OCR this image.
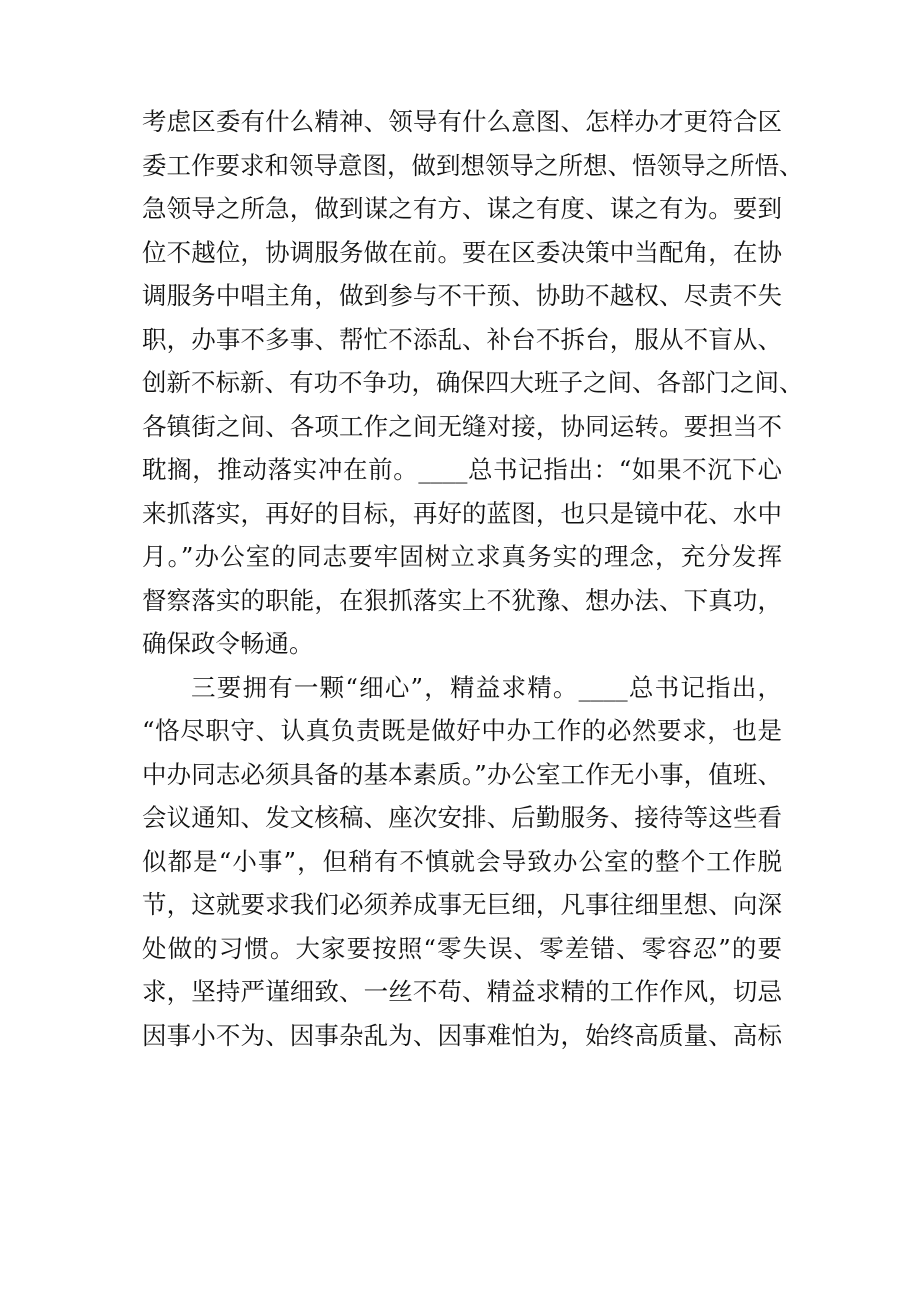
考虑区委有什么精神、领导有什么意图、怎样办才更符合区
委工作要求和领导意图，做到想领导之所想、悟领导之所悟、
急领导之所急，做到谋之有方、谋之有度、谋之有为。要到
位不越位，协调服务做在前。要在区委决策中当配角，在协
调服务中唱主角，做到参与不干预、协助不越权、尽责不失
职，办事不多事、帮忙不添乱、补台不拆台，服从不盲从、
创新不标新、有功不争功，确保四大班子之间、各部门之间、
各镇街之间、各项工作之间无缝对接，协同运转。要担当不
耽搁，推动落实冲在前。____总书记指出：“如果不沉下心
来抓落实，再好的目标，再好的蓝图，也只是镜中花、水中
月。”办公室的同志要牢固树立求真务实的理念，充分发挥
督察落实的职能，在狠抓落实上不犹豫、想办法、下真功，
确保政令畅通。
三要拥有一颗“细心”，精益求精。____总书记指出，
“恪尽职守、认真负责既是做好中办工作的必然要求，也是
中办同志必须具备的基本素质。”办公室工作无小事，值班、
会议通知、发文核稿、座次安排、后勤服务、接待等这些看
似都是“小事”，但稍有不慎就会导致办公室的整个工作脱
节，这就要求我们必须养成事无巨细，凡事往细里想、向深
处做的习惯。大家要按照“零失误、零差错、零容忍”的要
求，坚持严谨细致、一丝不苟、精益求精的工作作风，切忌
因事小不为、因事杂乱为、因事难怕为，始终高质量、高标
